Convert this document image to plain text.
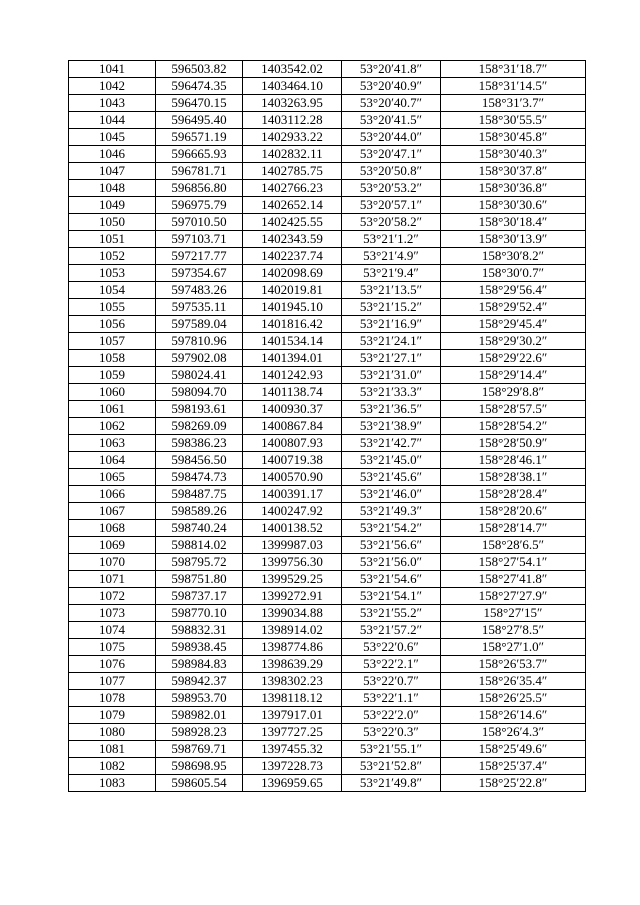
1041	596503.82	1403542.02	53°20′41.8″	158°31′18.7″
1042	596474.35	1403464.10	53°20′40.9″	158°31′14.5″
1043	596470.15	1403263.95	53°20′40.7″	158°31′3.7″
1044	596495.40	1403112.28	53°20′41.5″	158°30′55.5″
1045	596571.19	1402933.22	53°20′44.0″	158°30′45.8″
1046	596665.93	1402832.11	53°20′47.1″	158°30′40.3″
1047	596781.71	1402785.75	53°20′50.8″	158°30′37.8″
1048	596856.80	1402766.23	53°20′53.2″	158°30′36.8″
1049	596975.79	1402652.14	53°20′57.1″	158°30′30.6″
1050	597010.50	1402425.55	53°20′58.2″	158°30′18.4″
1051	597103.71	1402343.59	53°21′1.2″	158°30′13.9″
1052	597217.77	1402237.74	53°21′4.9″	158°30′8.2″
1053	597354.67	1402098.69	53°21′9.4″	158°30′0.7″
1054	597483.26	1402019.81	53°21′13.5″	158°29′56.4″
1055	597535.11	1401945.10	53°21′15.2″	158°29′52.4″
1056	597589.04	1401816.42	53°21′16.9″	158°29′45.4″
1057	597810.96	1401534.14	53°21′24.1″	158°29′30.2″
1058	597902.08	1401394.01	53°21′27.1″	158°29′22.6″
1059	598024.41	1401242.93	53°21′31.0″	158°29′14.4″
1060	598094.70	1401138.74	53°21′33.3″	158°29′8.8″
1061	598193.61	1400930.37	53°21′36.5″	158°28′57.5″
1062	598269.09	1400867.84	53°21′38.9″	158°28′54.2″
1063	598386.23	1400807.93	53°21′42.7″	158°28′50.9″
1064	598456.50	1400719.38	53°21′45.0″	158°28′46.1″
1065	598474.73	1400570.90	53°21′45.6″	158°28′38.1″
1066	598487.75	1400391.17	53°21′46.0″	158°28′28.4″
1067	598589.26	1400247.92	53°21′49.3″	158°28′20.6″
1068	598740.24	1400138.52	53°21′54.2″	158°28′14.7″
1069	598814.02	1399987.03	53°21′56.6″	158°28′6.5″
1070	598795.72	1399756.30	53°21′56.0″	158°27′54.1″
1071	598751.80	1399529.25	53°21′54.6″	158°27′41.8″
1072	598737.17	1399272.91	53°21′54.1″	158°27′27.9″
1073	598770.10	1399034.88	53°21′55.2″	158°27′15″
1074	598832.31	1398914.02	53°21′57.2″	158°27′8.5″
1075	598938.45	1398774.86	53°22′0.6″	158°27′1.0″
1076	598984.83	1398639.29	53°22′2.1″	158°26′53.7″
1077	598942.37	1398302.23	53°22′0.7″	158°26′35.4″
1078	598953.70	1398118.12	53°22′1.1″	158°26′25.5″
1079	598982.01	1397917.01	53°22′2.0″	158°26′14.6″
1080	598928.23	1397727.25	53°22′0.3″	158°26′4.3″
1081	598769.71	1397455.32	53°21′55.1″	158°25′49.6″
1082	598698.95	1397228.73	53°21′52.8″	158°25′37.4″
1083	598605.54	1396959.65	53°21′49.8″	158°25′22.8″
